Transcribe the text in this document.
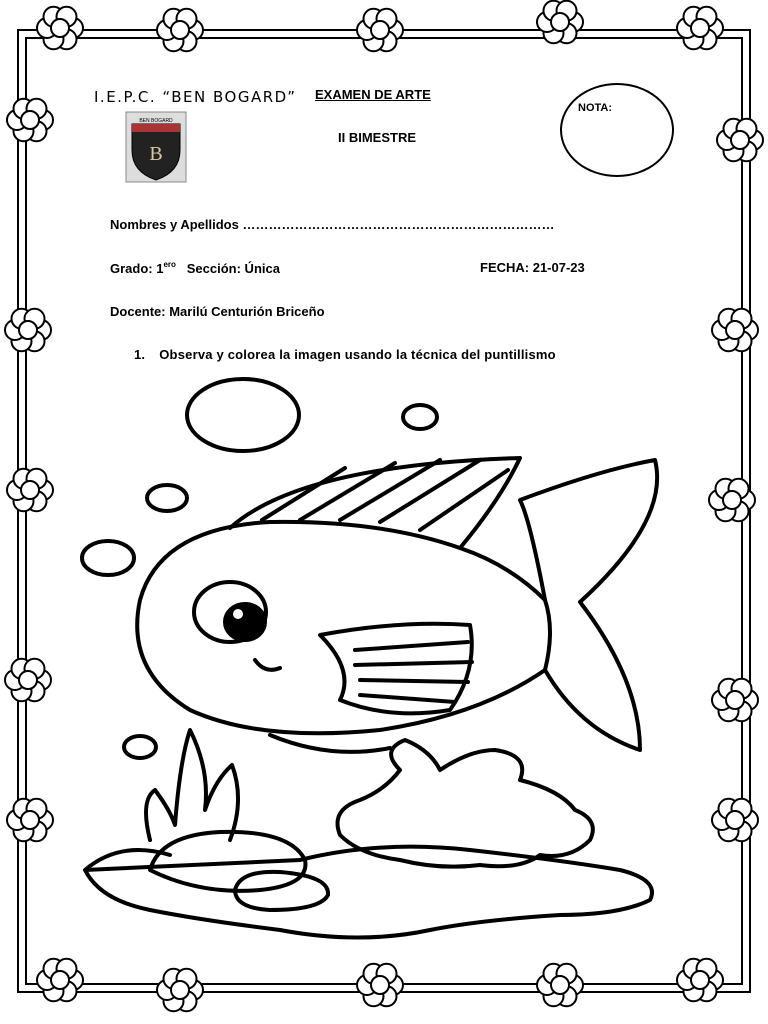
I.E.P.C. “BEN BOGARD”
BEN BOGARD
B
EXAMEN DE ARTE
II BIMESTRE
NOTA:
Nombres y Apellidos ………………………………………………………………
Grado: $1^{ero}$ Sección: Única	FECHA: 21-07-23
Docente: Marilú Centurión Briceño
1. Observa y colorea la imagen usando la técnica del puntillismo
